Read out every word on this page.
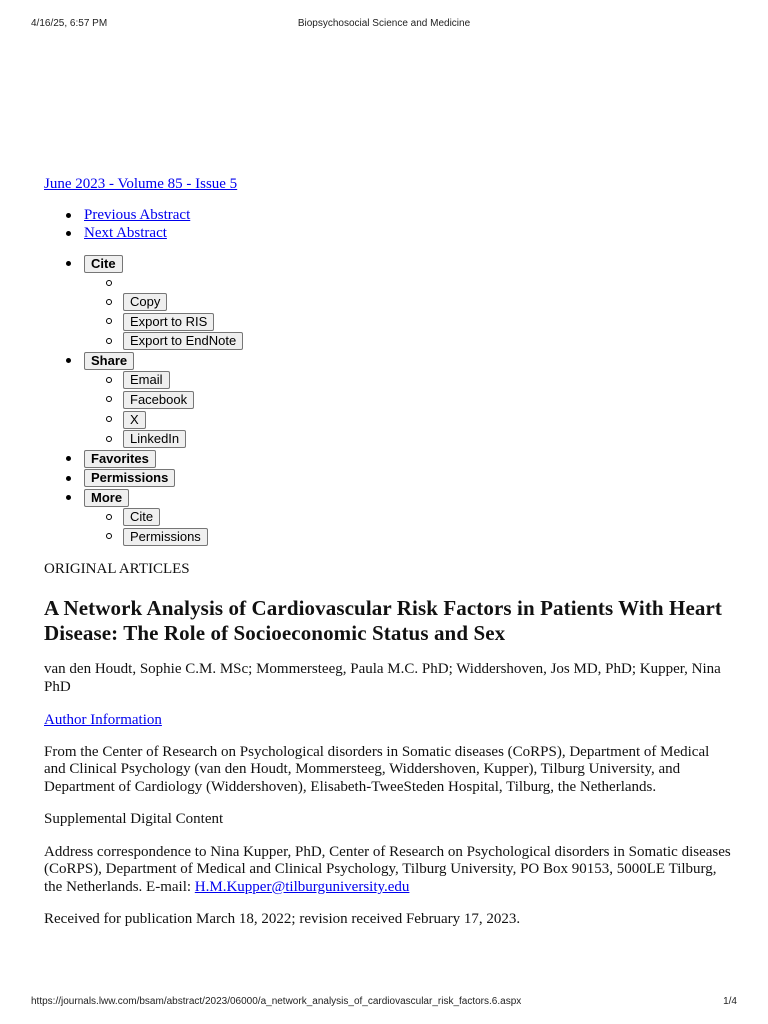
4/16/25, 6:57 PM	Biopsychosocial Science and Medicine
June 2023 - Volume 85 - Issue 5
Previous Abstract
Next Abstract
Cite
Copy
Export to RIS
Export to EndNote
Share
Email
Facebook
X
LinkedIn
Favorites
Permissions
More
Cite
Permissions

ORIGINAL ARTICLES

A Network Analysis of Cardiovascular Risk Factors in Patients With Heart Disease: The Role of Socioeconomic Status and Sex

van den Houdt, Sophie C.M. MSc; Mommersteeg, Paula M.C. PhD; Widdershoven, Jos MD, PhD; Kupper, Nina PhD

Author Information

From the Center of Research on Psychological disorders in Somatic diseases (CoRPS), Department of Medical and Clinical Psychology (van den Houdt, Mommersteeg, Widdershoven, Kupper), Tilburg University, and Department of Cardiology (Widdershoven), Elisabeth-TweeSteden Hospital, Tilburg, the Netherlands.

Supplemental Digital Content

Address correspondence to Nina Kupper, PhD, Center of Research on Psychological disorders in Somatic diseases (CoRPS), Department of Medical and Clinical Psychology, Tilburg University, PO Box 90153, 5000LE Tilburg, the Netherlands. E-mail: H.M.Kupper@tilburguniversity.edu

Received for publication March 18, 2022; revision received February 17, 2023.

https://journals.lww.com/bsam/abstract/2023/06000/a_network_analysis_of_cardiovascular_risk_factors.6.aspx	1/4
